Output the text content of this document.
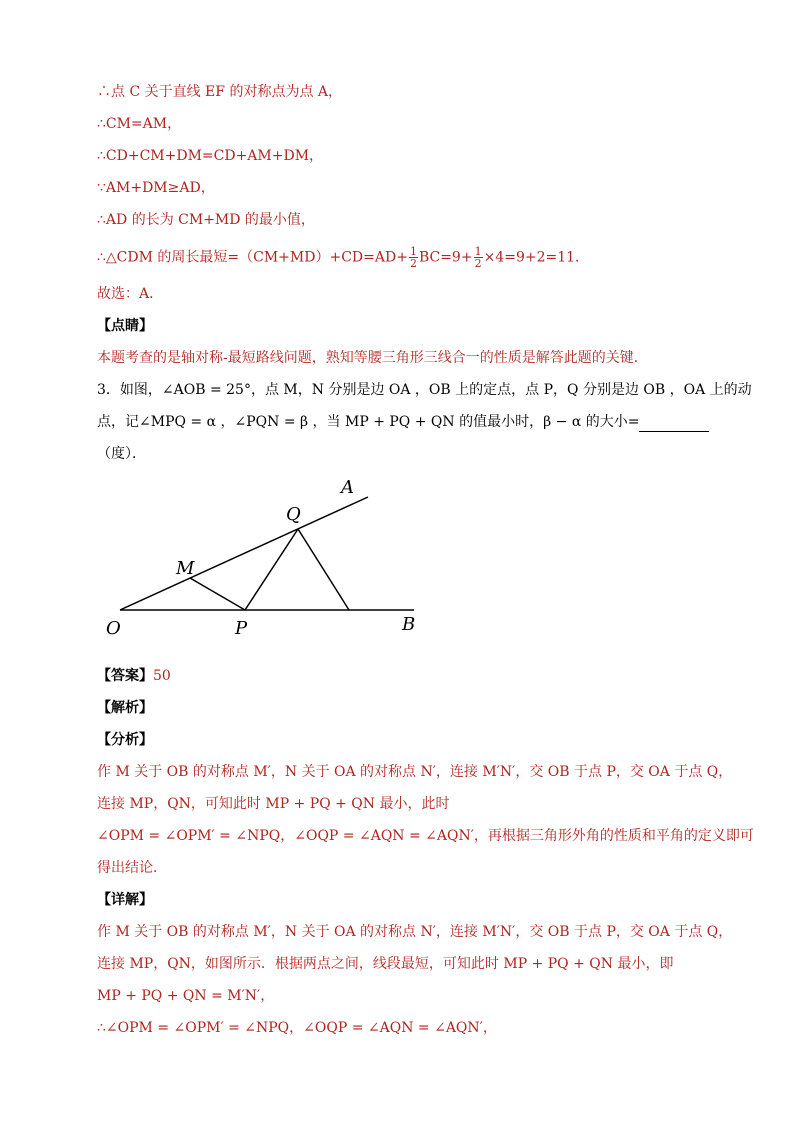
∴点 C 关于直线 EF 的对称点为点 A，
∴CM=AM，
∴CD+CM+DM=CD+AM+DM，
∵AM+DM≥AD，
∴AD 的长为 CM+MD 的最小值，
∴△CDM 的周长最短$=(CM+MD)+CD=AD+ \frac{1}{2} BC=9+ \frac{1}{2} \times 4=9+2=11$．
故选：A．
【点睛】
本题考查的是轴对称-最短路线问题，熟知等腰三角形三线合一的性质是解答此题的关键．
3．如图，∠AOB = 25°，点 M，N 分别是边 OA ，OB 上的定点，点 P，Q 分别是边 OB ，OA 上的动
点，记∠MPQ = α ，∠PQN = β ，当 MP + PQ + QN 的值最小时，β − α 的大小=
（度）．
A
Q
M
O	P	B
【答案】50
【解析】
【分析】
作 M 关于 OB 的对称点 M′，N 关于 OA 的对称点 N′，连接 M′N′，交 OB 于点 P，交 OA 于点 Q，
连接 MP，QN，可知此时 MP + PQ + QN 最小，此时
∠OPM = ∠OPM′ = ∠NPQ，∠OQP = ∠AQN = ∠AQN′，再根据三角形外角的性质和平角的定义即可
得出结论．
【详解】
作 M 关于 OB 的对称点 M′，N 关于 OA 的对称点 N′，连接 M′N′，交 OB 于点 P，交 OA 于点 Q，
连接 MP，QN，如图所示．根据两点之间，线段最短，可知此时 MP + PQ + QN 最小，即
MP + PQ + QN = M′N′，
∴∠OPM = ∠OPM′ = ∠NPQ，∠OQP = ∠AQN = ∠AQN′，
